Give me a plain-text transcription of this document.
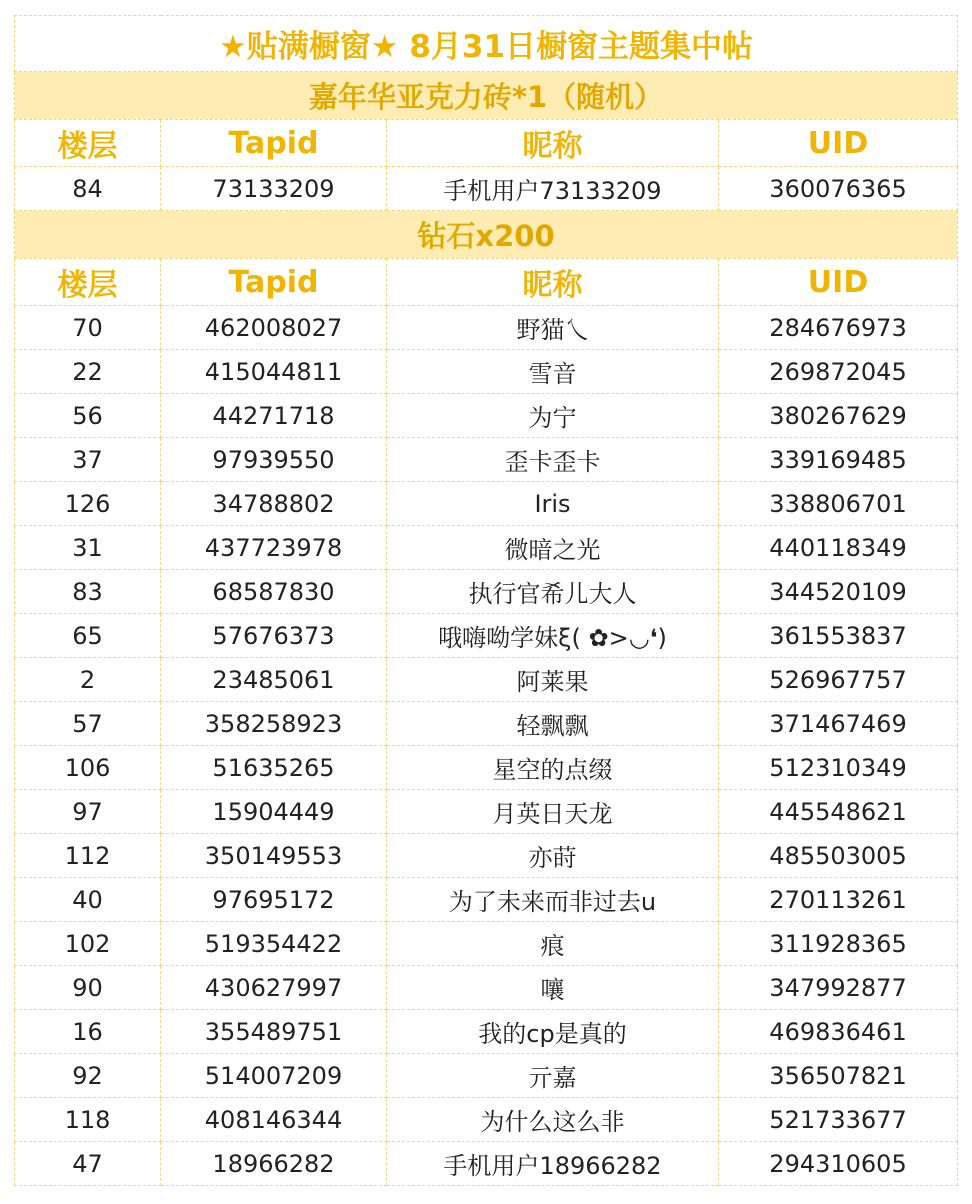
★贴满橱窗★ 8月31日橱窗主题集中帖			
嘉年华亚克力砖*1（随机）			
楼层	Tapid	昵称	UID
84	73133209	手机用户73133209	360076365
钻石x200			
楼层	Tapid	昵称	UID
70	462008027	野猫乀	284676973
22	415044811	雪音	269872045
56	44271718	为宁	380267629
37	97939550	歪卡歪卡	339169485
126	34788802	Iris	338806701
31	437723978	微暗之光	440118349
83	68587830	执行官希儿大人	344520109
65	57676373	哦嗨呦学妹ξ( ✿>◡❛)	361553837
2	23485061	阿莱果	526967757
57	358258923	轻飘飘	371467469
106	51635265	星空的点缀	512310349
97	15904449	月英日天龙	445548621
112	350149553	亦莳	485503005
40	97695172	为了未来而非过去u	270113261
102	519354422	痕	311928365
90	430627997	嚷	347992877
16	355489751	我的cp是真的	469836461
92	514007209	亓嘉	356507821
118	408146344	为什么这么非	521733677
47	18966282	手机用户18966282	294310605
